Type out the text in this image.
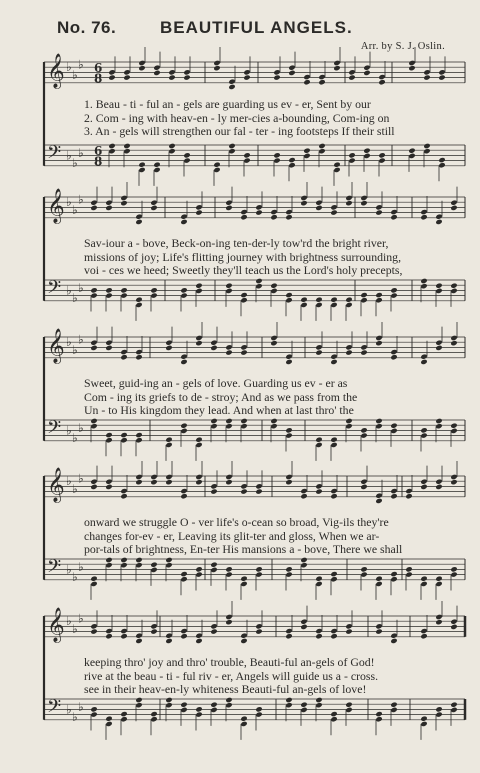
No. 76.	BEAUTIFUL ANGELS.
Arr. by S. J. Oslin.
𝄞 ♭
♭
♭ 6
8
𝄢 ♭
♭
♭ 6
8
𝄞 ♭
♭
♭
𝄢 ♭
♭
♭
𝄞 ♭
♭
♭
𝄢 ♭
♭
♭
𝄞 ♭
♭
♭
𝄢 ♭
♭
♭
𝄞 ♭
♭
♭
𝄢 ♭
♭
♭
1. Beau - ti - ful an - gels are guarding us ev - er, Sent by our
2. Com - ing with heav-en - ly mer-cies a-bounding, Com-ing on
3. An - gels will strengthen our fal - ter - ing footsteps If their still
Sav-iour a - bove, Beck-on-ing ten-der-ly tow'rd the bright river,
missions of joy; Life's flitting journey with brightness surrounding,
voi - ces we heed; Sweetly they'll teach us the Lord's holy precepts,
Sweet, guid-ing an - gels of love. Guarding us ev - er as
Com - ing its griefs to de - stroy; And as we pass from the
Un - to His kingdom they lead. And when at last thro' the
onward we struggle O - ver life's o-cean so broad, Vig-ils they're
changes for-ev - er, Leaving its glit-ter and gloss, When we ar-
por-tals of brightness, En-ter His mansions a - bove, There we shall
keeping thro' joy and thro' trouble, Beauti-ful an-gels of God!
rive at the beau - ti - ful riv - er, Angels will guide us a - cross.
see in their heav-en-ly whiteness Beauti-ful an-gels of love!
